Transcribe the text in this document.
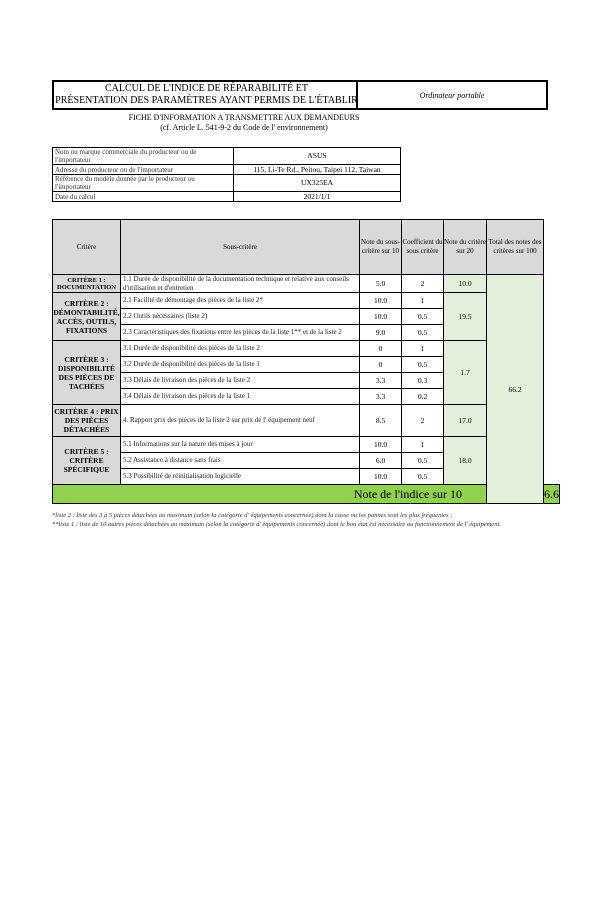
CALCUL DE L'INDICE DE RÉPARABILITÉ ET
PRÉSENTATION DES PARAMÈTRES AYANT PERMIS DE L'ÉTABLIR	Ordinateur portable
FICHE D'INFORMATION A TRANSMETTRE AUX DEMANDEURS
(cf. Article L. 541-9-2 du Code de l' environnement)
Nom ou marque commerciale du producteur ou de l'importateur	ASUS
Adresse du producteur ou de l'importateur	115, Li-Te Rd., Peitou, Taipei 112, Taiwan
Référence du modèle donnée par le producteur ou l'importateur	UX325EA
Date du calcul	2021/1/1
Critère	Sous-critère	Note du sous-critère sur 10	Coefficient du sous critère	Note du critère sur 20	Total des notes des critères sur 100	
CRITÈRE 1 : DOCUMENTATION	1.1 Durée de disponibilité de la documentation technique et relative aux conseils d'utilisation et d'entretien	5.0	2	10.0	66.2	
CRITÈRE 2 : DÉMONTABILITÉ, ACCÈS, OUTILS, FIXATIONS	2.1 Facilité de démontage des pièces de la liste 2*	10.0	1	19.5		
	2.2 Outils nécessaires (liste 2)	10.0	0.5			
	2.3 Caractéristiques des fixations entre les pièces de la liste 1** et de la liste 2	9.0	0.5			
CRITÈRE 3 : DISPONIBILITÉ DES PIÈCES DE TACHÉES	3.1 Durée de disponibilité des pièces de la liste 2	0	1	1.7		
	3.2 Durée de disponibilité des pièces de la liste 1	0	0.5			
	3.3 Délais de livraison des pièces de la liste 2	3.3	0.3			
	3.4 Délais de livraison des pièces de la liste 1	3.3	0.2			
CRITÈRE 4 : PRIX DES PIÈCES DÉTACHÉES	4. Rapport prix des pièces de la liste 2 sur prix de l' équipement neuf	8.5	2	17.0		
CRITÈRE 5 : CRITÈRE SPÉCIFIQUE	5.1 Informations sur la nature des mises à jour	10.0	1	18.0		
	5.2 Assistance à distance sans frais	6.0	0.5			
	5.3 Possibilité de réinitialisation logicielle	10.0	0.5			
Note de l'indice sur 10						6.6
*liste 2 : liste des 3 à 5 pièces détachées au maximum (selon la catégorie d' équipements concernée) dont la casse ou les pannes sont les plus fréquentes ;
**liste 1 : liste de 10 autres pièces détachées au maximum (selon la catégorie d' équipements concernée) dont le bon état est nécessaire au fonctionnement de l' équipement.
